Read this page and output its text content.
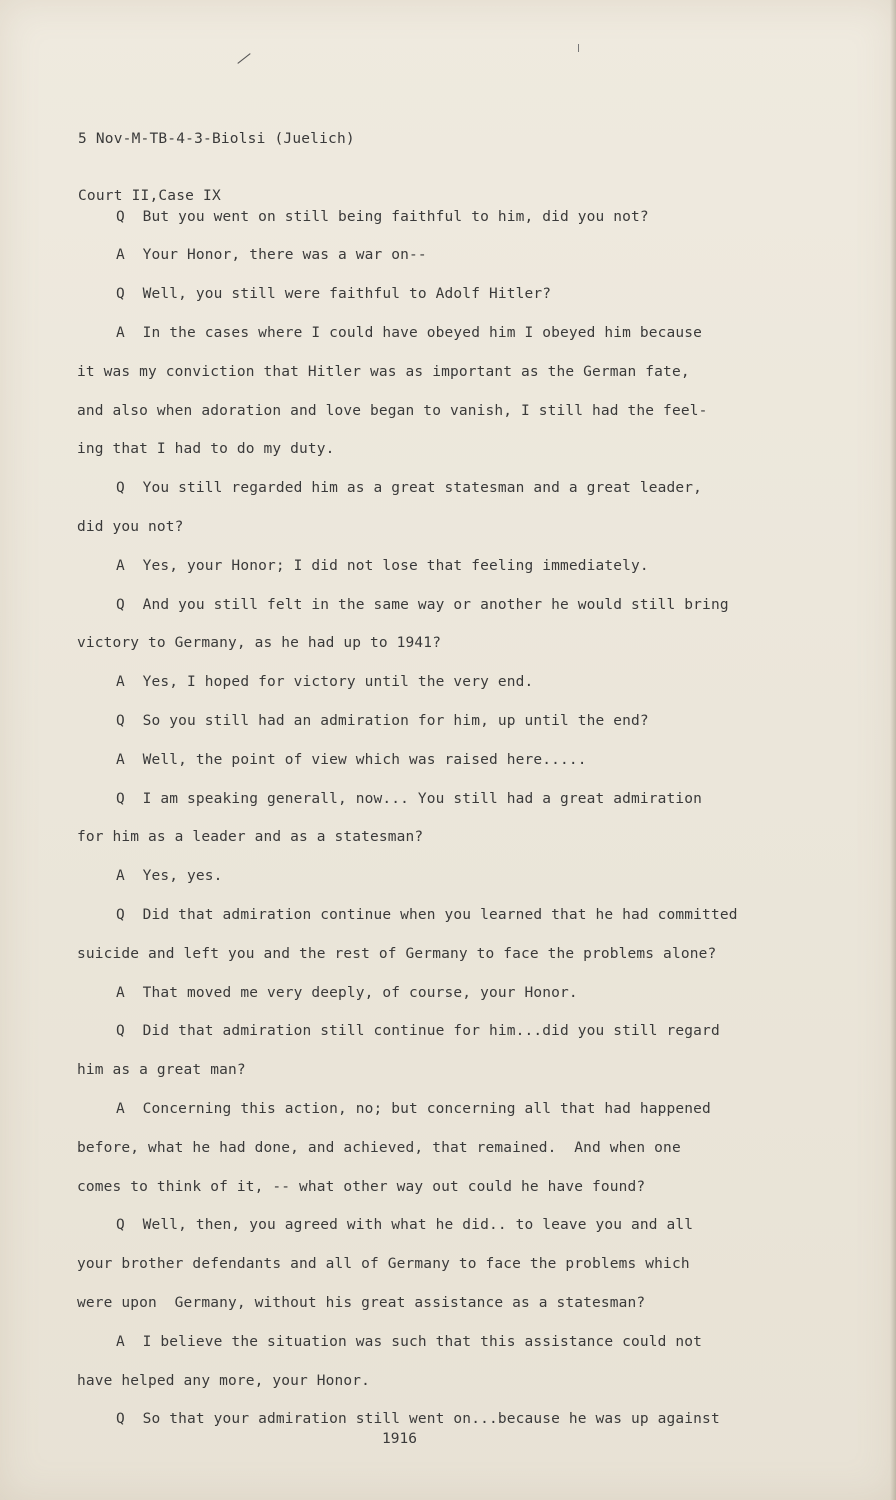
5 Nov-M-TB-4-3-Biolsi (Juelich)

Court II,Case IX

Q  But you went on still being faithful to him, did you not?
A  Your Honor, there was a war on--
Q  Well, you still were faithful to Adolf Hitler?
A  In the cases where I could have obeyed him I obeyed him because
it was my conviction that Hitler was as important as the German fate,
and also when adoration and love began to vanish, I still had the feel-
ing that I had to do my duty.
Q  You still regarded him as a great statesman and a great leader,
did you not?
A  Yes, your Honor; I did not lose that feeling immediately.
Q  And you still felt in the same way or another he would still bring
victory to Germany, as he had up to 1941?
A  Yes, I hoped for victory until the very end.
Q  So you still had an admiration for him, up until the end?
A  Well, the point of view which was raised here.....
Q  I am speaking generall, now... You still had a great admiration
for him as a leader and as a statesman?
A  Yes, yes.
Q  Did that admiration continue when you learned that he had committed
suicide and left you and the rest of Germany to face the problems alone?
A  That moved me very deeply, of course, your Honor.
Q  Did that admiration still continue for him...did you still regard
him as a great man?
A  Concerning this action, no; but concerning all that had happened
before, what he had done, and achieved, that remained.  And when one
comes to think of it, -- what other way out could he have found?
Q  Well, then, you agreed with what he did.. to leave you and all
your brother defendants and all of Germany to face the problems which
were upon  Germany, without his great assistance as a statesman?
A  I believe the situation was such that this assistance could not
have helped any more, your Honor.
Q  So that your admiration still went on...because he was up against
1916
